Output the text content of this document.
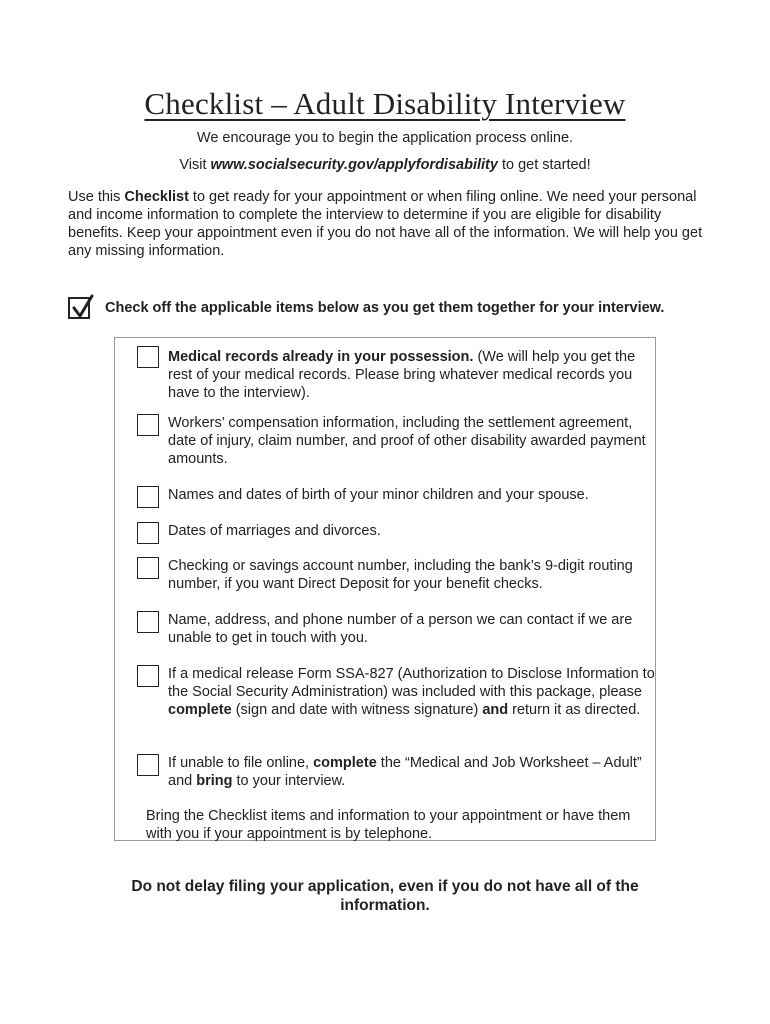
Checklist – Adult Disability Interview
We encourage you to begin the application process online.
Visit www.socialsecurity.gov/applyfordisability to get started!
Use this Checklist to get ready for your appointment or when filing online. We need your personal and income information to complete the interview to determine if you are eligible for disability benefits. Keep your appointment even if you do not have all of the information. We will help you get any missing information.
Check off the applicable items below as you get them together for your interview.
Medical records already in your possession. (We will help you get the rest of your medical records. Please bring whatever medical records you have to the interview).
Workers’ compensation information, including the settlement agreement, date of injury, claim number, and proof of other disability awarded payment amounts.
Names and dates of birth of your minor children and your spouse.
Dates of marriages and divorces.
Checking or savings account number, including the bank’s 9-digit routing number, if you want Direct Deposit for your benefit checks.
Name, address, and phone number of a person we can contact if we are unable to get in touch with you.
If a medical release Form SSA-827 (Authorization to Disclose Information to the Social Security Administration) was included with this package, please complete (sign and date with witness signature) and return it as directed.
If unable to file online, complete the “Medical and Job Worksheet – Adult” and bring to your interview.
Bring the Checklist items and information to your appointment or have them with you if your appointment is by telephone.
Do not delay filing your application, even if you do not have all of the information.
